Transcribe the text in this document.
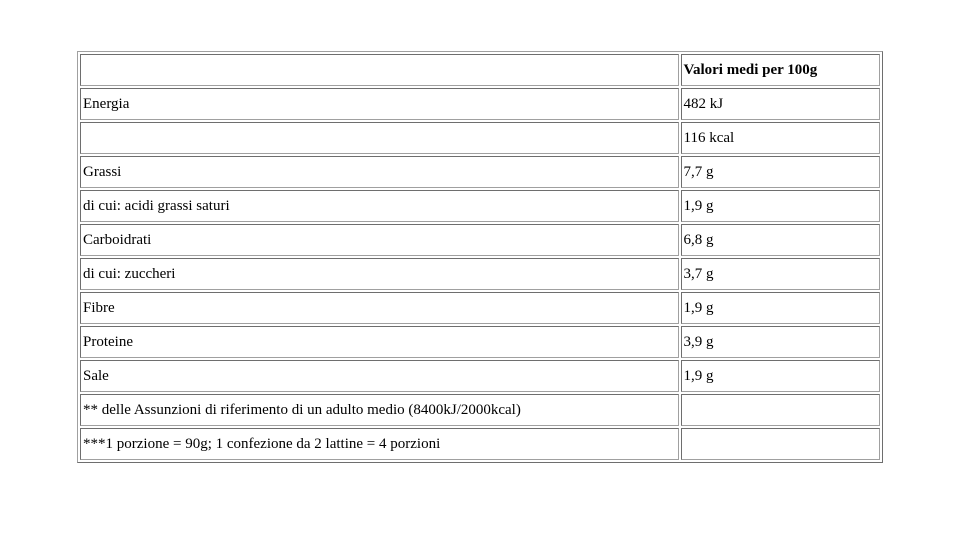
	Valori medi per 100g
Energia	482 kJ
	116 kcal
Grassi	7,7 g
di cui: acidi grassi saturi	1,9 g
Carboidrati	6,8 g
di cui: zuccheri	3,7 g
Fibre	1,9 g
Proteine	3,9 g
Sale	1,9 g
** delle Assunzioni di riferimento di un adulto medio (8400kJ/2000kcal)	
***1 porzione = 90g; 1 confezione da 2 lattine = 4 porzioni	
